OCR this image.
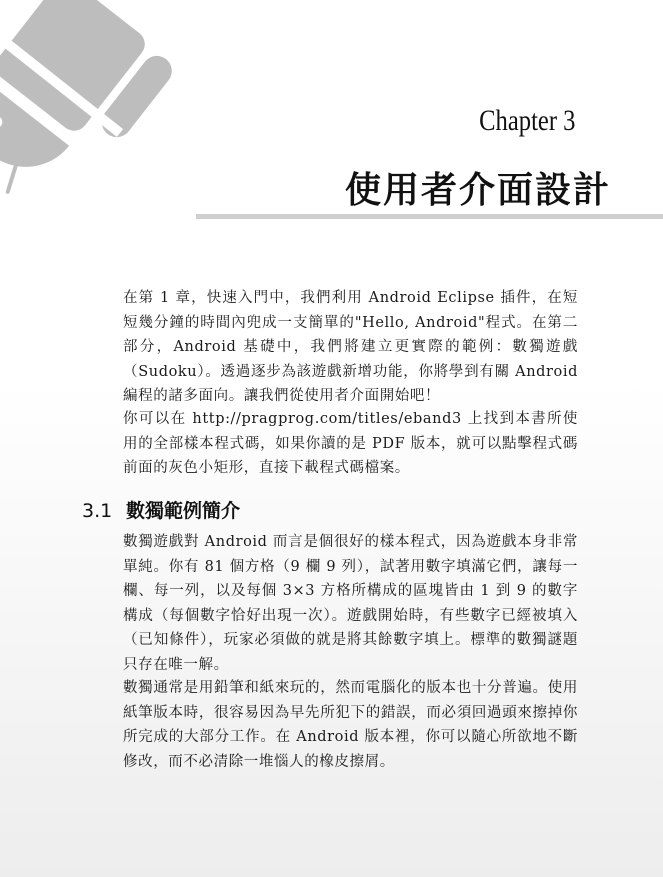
Chapter 3
使用者介面設計

在第 1 章，快速入門中，我們利用 Android Eclipse 插件，在短短幾分鐘的時間內兜成一支簡單的"Hello, Android"程式。在第二部分，Android 基礎中，我們將建立更實際的範例：數獨遊戲（Sudoku）。透過逐步為該遊戲新增功能，你將學到有關 Android 編程的諸多面向。讓我們從使用者介面開始吧！

你可以在 http://pragprog.com/titles/eband3 上找到本書所使用的全部樣本程式碼，如果你讀的是 PDF 版本，就可以點擊程式碼前面的灰色小矩形，直接下載程式碼檔案。

3.1 數獨範例簡介

數獨遊戲對 Android 而言是個很好的樣本程式，因為遊戲本身非常單純。你有 81 個方格（9 欄 9 列），試著用數字填滿它們，讓每一欄、每一列，以及每個 3×3 方格所構成的區塊皆由 1 到 9 的數字構成（每個數字恰好出現一次）。遊戲開始時，有些數字已經被填入（已知條件），玩家必須做的就是將其餘數字填上。標準的數獨謎題只存在唯一解。

數獨通常是用鉛筆和紙來玩的，然而電腦化的版本也十分普遍。使用紙筆版本時，很容易因為早先所犯下的錯誤，而必須回過頭來擦掉你所完成的大部分工作。在 Android 版本裡，你可以隨心所欲地不斷修改，而不必清除一堆惱人的橡皮擦屑。
